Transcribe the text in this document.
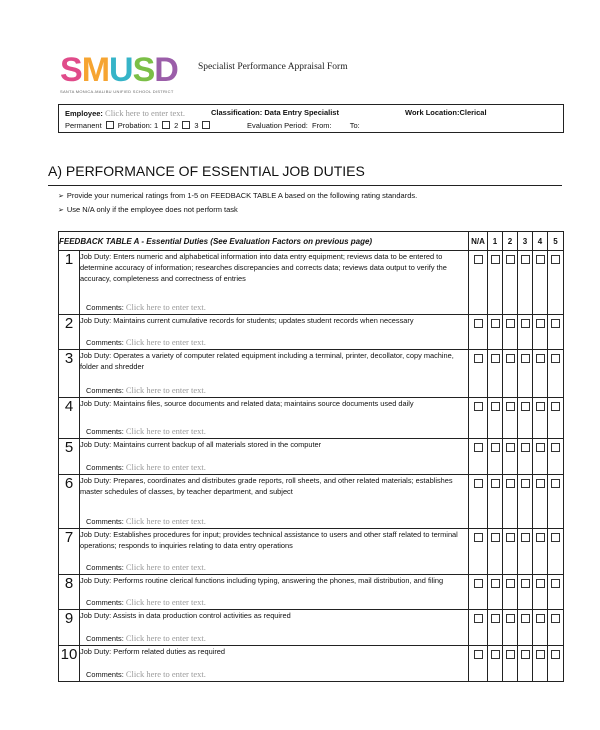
SMUSD
SANTA MONICA-MALIBU UNIFIED SCHOOL DISTRICT
Specialist Performance Appraisal Form
Employee: Click here to enter text.	Classification: Data Entry Specialist	Work Location:Clerical
Permanent Probation: 1 2 3	Evaluation Period: From: To:
A) PERFORMANCE OF ESSENTIAL JOB DUTIES
➢ Provide your numerical ratings from 1-5 on FEEDBACK TABLE A based on the following rating standards.
➢ Use N/A only if the employee does not perform task
FEEDBACK TABLE A - Essential Duties (See Evaluation Factors on previous page)		N/A	1	2	3	4	5
1	Job Duty: Enters numeric and alphabetical information into data entry equipment; reviews data to be entered to determine accuracy of information; researches discrepancies and corrects data; reviews data output to verify the accuracy, completeness and correctness of entries
Comments: Click here to enter text.						

2	Job Duty: Maintains current cumulative records for students; updates student records when necessary
Comments: Click here to enter text.						

3	Job Duty: Operates a variety of computer related equipment including a terminal, printer, decollator, copy machine, folder and shredder
Comments: Click here to enter text.						

4	Job Duty: Maintains files, source documents and related data; maintains source documents used daily
Comments: Click here to enter text.						

5	Job Duty: Maintains current backup of all materials stored in the computer
Comments: Click here to enter text.						

6	Job Duty: Prepares, coordinates and distributes grade reports, roll sheets, and other related materials; establishes master schedules of classes, by teacher department, and subject
Comments: Click here to enter text.						

7	Job Duty: Establishes procedures for input; provides technical assistance to users and other staff related to terminal operations; responds to inquiries relating to data entry operations
Comments: Click here to enter text.						

8	Job Duty: Performs routine clerical functions including typing, answering the phones, mail distribution, and filing
Comments: Click here to enter text.						

9	Job Duty: Assists in data production control activities as required
Comments: Click here to enter text.						

10	Job Duty: Perform related duties as required
Comments: Click here to enter text.						
